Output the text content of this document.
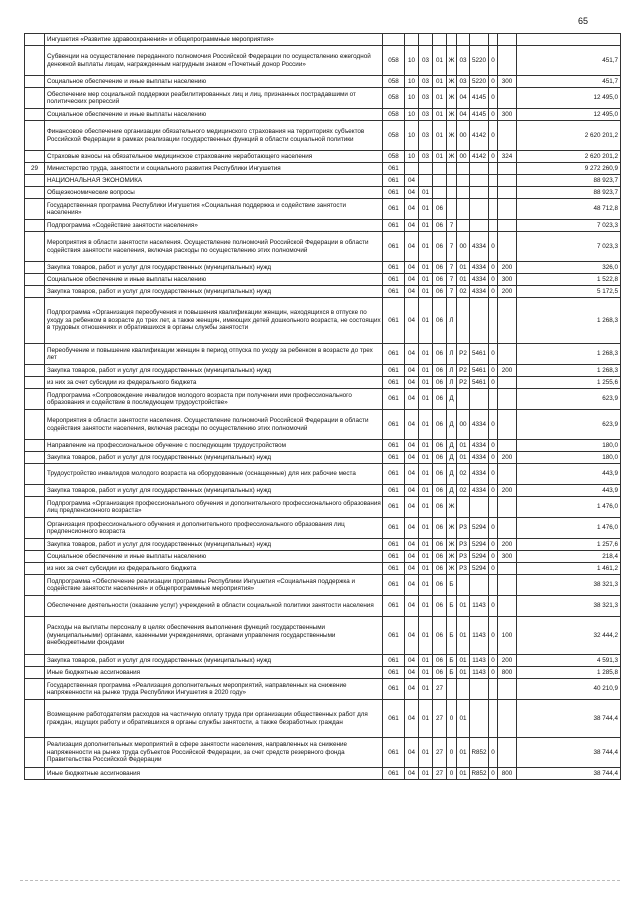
65
	Ингушетия «Развитие здравоохранения» и общепрограммные мероприятия»										
	Субвенции на осуществление переданного полномочия Российской Федерации по осуществлению ежегодной денежной выплаты лицам, награжденным нагрудным знаком «Почетный донор России»	058	10	03	01	Ж	03	5220	0		451,7
	Социальное обеспечение и иные выплаты населению	058	10	03	01	Ж	03	5220	0	300	451,7
	Обеспечение мер социальной поддержки реабилитированных лиц и лиц, признанных пострадавшими от политических репрессий	058	10	03	01	Ж	04	4145	0		12 495,0
	Социальное обеспечение и иные выплаты населению	058	10	03	01	Ж	04	4145	0	300	12 495,0
	Финансовое обеспечение организации обязательного медицинского страхования на территориях субъектов Российской Федерации в рамках реализации государственных функций в области социальной политики	058	10	03	01	Ж	00	4142	0		2 620 201,2
	Страховые взносы на обязательное медицинское страхование неработающего населения	058	10	03	01	Ж	00	4142	0	324	2 620 201,2
29	Министерство труда, занятости и социального развития Республики Ингушетия	061									9 272 260,9
	НАЦИОНАЛЬНАЯ ЭКОНОМИКА	061	04								88 923,7
	Общеэкономические вопросы	061	04	01							88 923,7
	Государственная программа Республики Ингушетия «Социальная поддержка и содействие занятости населения»	061	04	01	06						48 712,8
	Подпрограмма «Содействие занятости населения»	061	04	01	06	7					7 023,3
	Мероприятия в области занятости населения. Осуществление полномочий Российской Федерации в области содействия занятости населения, включая расходы по осуществлению этих полномочий	061	04	01	06	7	00	4334	0		7 023,3
	Закупка товаров, работ и услуг для государственных (муниципальных) нужд	061	04	01	06	7	01	4334	0	200	326,0
	Социальное обеспечение и иные выплаты населению	061	04	01	06	7	01	4334	0	300	1 522,8
	Закупка товаров, работ и услуг для государственных (муниципальных) нужд	061	04	01	06	7	02	4334	0	200	5 172,5
	Подпрограмма «Организация переобучения и повышения квалификации женщин, находящихся в отпуске по уходу за ребенком в возрасте до трех лет, а также женщин, имеющих детей дошкольного возраста, не состоящих в трудовых отношениях и обратившихся в органы службы занятости	061	04	01	06	Л					1 268,3
	Переобучение и повышение квалификации женщин в период отпуска по уходу за ребенком в возрасте до трех лет	061	04	01	06	Л	Р2	5461	0		1 268,3
	Закупка товаров, работ и услуг для государственных (муниципальных) нужд	061	04	01	06	Л	Р2	5461	0	200	1 268,3
	из них за счет субсидии из федерального бюджета	061	04	01	06	Л	Р2	5461	0		1 255,6
	Подпрограмма «Сопровождение инвалидов молодого возраста при получении ими профессионального образования и содействие в последующем трудоустройстве»	061	04	01	06	Д					623,9
	Мероприятия в области занятости населения. Осуществление полномочий Российской Федерации в области содействия занятости населения, включая расходы по осуществлению этих полномочий	061	04	01	06	Д	00	4334	0		623,9
	Направление на профессиональное обучение с последующим трудоустройством	061	04	01	06	Д	01	4334	0		180,0
	Закупка товаров, работ и услуг для государственных (муниципальных) нужд	061	04	01	06	Д	01	4334	0	200	180,0
	Трудоустройство инвалидов молодого возраста на оборудованные (оснащенные) для них рабочие места	061	04	01	06	Д	02	4334	0		443,9
	Закупка товаров, работ и услуг для государственных (муниципальных) нужд	061	04	01	06	Д	02	4334	0	200	443,9
	Подпрограмма «Организация профессионального обучения и дополнительного профессионального образования лиц предпенсионного возраста»	061	04	01	06	Ж					1 476,0
	Организация профессионального обучения и дополнительного профессионального образования лиц предпенсионного возраста	061	04	01	06	Ж	Р3	5294	0		1 476,0
	Закупка товаров, работ и услуг для государственных (муниципальных) нужд	061	04	01	06	Ж	Р3	5294	0	200	1 257,6
	Социальное обеспечение и иные выплаты населению	061	04	01	06	Ж	Р3	5294	0	300	218,4
	из них за счет субсидии из федерального бюджета	061	04	01	06	Ж	Р3	5294	0		1 461,2
	Подпрограмма «Обеспечение реализации программы Республики Ингушетия «Социальная поддержка и содействие занятости населения» и общепрограммные мероприятия»	061	04	01	06	Б					38 321,3
	Обеспечение деятельности (оказание услуг) учреждений в области социальной политики занятости населения	061	04	01	06	Б	01	1143	0		38 321,3
	Расходы на выплаты персоналу в целях обеспечения выполнения функций государственными (муниципальными) органами, казенными учреждениями, органами управления государственными внебюджетными фондами	061	04	01	06	Б	01	1143	0	100	32 444,2
	Закупка товаров, работ и услуг для государственных (муниципальных) нужд	061	04	01	06	Б	01	1143	0	200	4 591,3
	Иные бюджетные ассигнования	061	04	01	06	Б	01	1143	0	800	1 285,8
	Государственная программа «Реализация дополнительных мероприятий, направленных на снижение напряженности на рынке труда Республики Ингушетия в 2020 году»	061	04	01	27						40 210,9
	Возмещение работодателям расходов на частичную оплату труда при организации общественных работ для граждан, ищущих работу и обратившихся в органы службы занятости, а также безработных граждан	061	04	01	27	0	01				38 744,4
	Реализация дополнительных мероприятий в сфере занятости населения, направленных на снижение напряженности на рынке труда субъектов Российской Федерации, за счет средств резервного фонда Правительства Российской Федерации	061	04	01	27	0	01	R852	0		38 744,4
	Иные бюджетные ассигнования	061	04	01	27	0	01	R852	0	800	38 744,4
